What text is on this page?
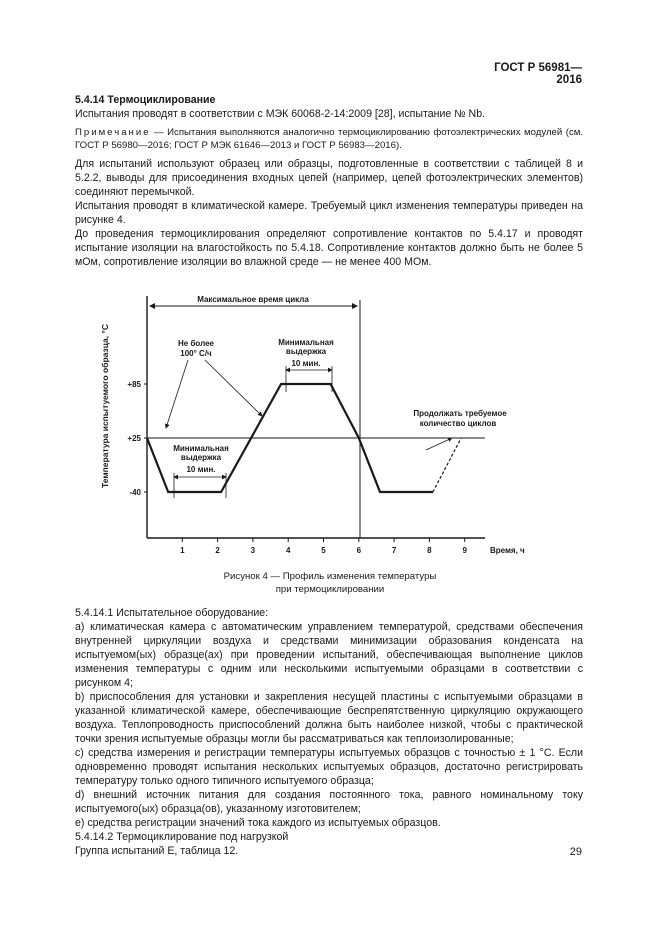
ГОСТ Р 56981—2016

5.4.14 Термоциклирование

Испытания проводят в соответствии с МЭК 60068-2-14:2009 [28], испытание № Nb.

Примечание — Испытания выполняются аналогично термоциклированию фотоэлектрических модулей (см. ГОСТ Р 56980—2016; ГОСТ Р МЭК 61646—2013 и ГОСТ Р 56983—2016).

Для испытаний используют образец или образцы, подготовленные в соответствии с таблицей 8 и 5.2.2, выводы для присоединения входных цепей (например, цепей фотоэлектрических элементов) соединяют перемычкой.

Испытания проводят в климатической камере. Требуемый цикл изменения температуры приведен на рисунке 4.

До проведения термоциклирования определяют сопротивление контактов по 5.4.17 и проводят испытание изоляции на влагостойкость по 5.4.18. Сопротивление контактов должно быть не более 5 мОм, сопротивление изоляции во влажной среде — не менее 400 МОм.

Температура испытуемого образца, °C +85
+25
-40
1	2	3	4	5	6	7	8	9	Время, ч
Максимальное время цикла
Не более
100° С/ч
Минимальная
выдержка
10 мин.
Минимальная
выдержка
10 мин.
Продолжать требуемое
количество циклов
Рисунок 4 — Профиль изменения температуры
при термоциклировании

5.4.14.1 Испытательное оборудование:

а) климатическая камера с автоматическим управлением температурой, средствами обеспечения внутренней циркуляции воздуха и средствами минимизации образования конденсата на испытуемом(ых) образце(ах) при проведении испытаний, обеспечивающая выполнение циклов изменения температуры с одним или несколькими испытуемыми образцами в соответствии с рисунком 4;

b) приспособления для установки и закрепления несущей пластины с испытуемыми образцами в указанной климатической камере, обеспечивающие беспрепятственную циркуляцию окружающего воздуха. Теплопроводность приспособлений должна быть наиболее низкой, чтобы с практической точки зрения испытуемые образцы могли бы рассматриваться как теплоизолированные;

c) средства измерения и регистрации температуры испытуемых образцов с точностью ± 1 °С. Если одновременно проводят испытания нескольких испытуемых образцов, достаточно регистрировать температуру только одного типичного испытуемого образца;

d) внешний источник питания для создания постоянного тока, равного номинальному току испытуемого(ых) образца(ов), указанному изготовителем;

е) средства регистрации значений тока каждого из испытуемых образцов.

5.4.14.2 Термоциклирование под нагрузкой

Группа испытаний E, таблица 12.	29
